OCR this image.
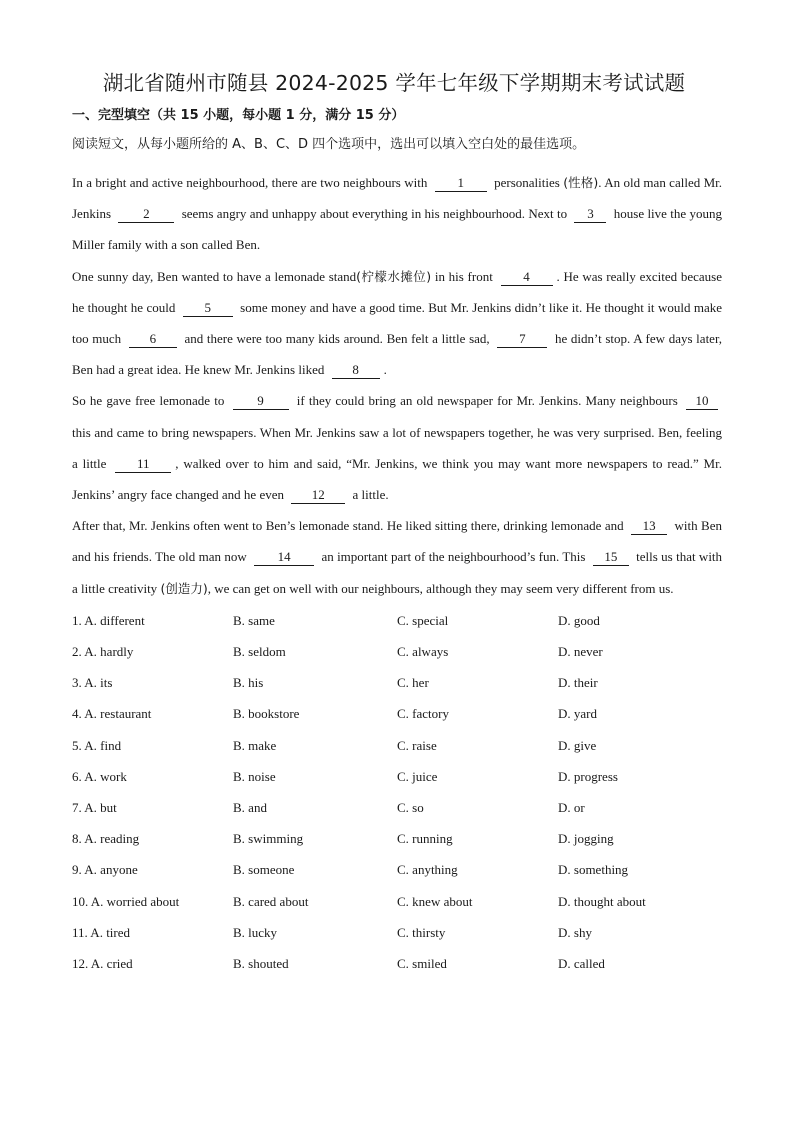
湖北省随州市随县 2024-2025 学年七年级下学期期末考试试题
一、完型填空（共 15 小题，每小题 1 分，满分 15 分）
阅读短文，从每小题所给的 A、B、C、D 四个选项中，选出可以填入空白处的最佳选项。

In a bright and active neighbourhood, there are two neighbours with 1 personalities (性格). An old man called Mr. Jenkins 2 seems angry and unhappy about everything in his neighbourhood. Next to 3 house live the young Miller family with a son called Ben.

One sunny day, Ben wanted to have a lemonade stand(柠檬水摊位) in his front 4 . He was really excited because he thought he could 5 some money and have a good time. But Mr. Jenkins didn’t like it. He thought it would make too much 6 and there were too many kids around. Ben felt a little sad, 7 he didn’t stop. A few days later, Ben had a great idea. He knew Mr. Jenkins liked 8 .

So he gave free lemonade to	9	if they could bring an old newspaper for Mr. Jenkins. Many neighbours 10 this and came to bring newspapers. When Mr. Jenkins saw a lot of newspapers together, he was very surprised. Ben, feeling a little 11 , walked over to him and said, “Mr. Jenkins, we think you may want more newspapers to read.” Mr. Jenkins’ angry face changed and he even 12 a little.

After that, Mr. Jenkins often went to Ben’s lemonade stand. He liked sitting there, drinking lemonade and 13 with Ben and his friends. The old man now 14 an important part of the neighbourhood’s fun. This 15 tells us that with a little creativity (创造力), we can get on well with our neighbours, although they may seem very different from us.

1. A. different	B. same	C. special	D. good
2. A. hardly	B. seldom	C. always	D. never
3. A. its	B. his	C. her	D. their
4. A. restaurant	B. bookstore	C. factory	D. yard
5. A. find	B. make	C. raise	D. give
6. A. work	B. noise	C. juice	D. progress
7. A. but	B. and	C. so	D. or
8. A. reading	B. swimming	C. running	D. jogging
9. A. anyone	B. someone	C. anything	D. something
10. A. worried about	B. cared about	C. knew about	D. thought about
11. A. tired	B. lucky	C. thirsty	D. shy
12. A. cried	B. shouted	C. smiled	D. called
